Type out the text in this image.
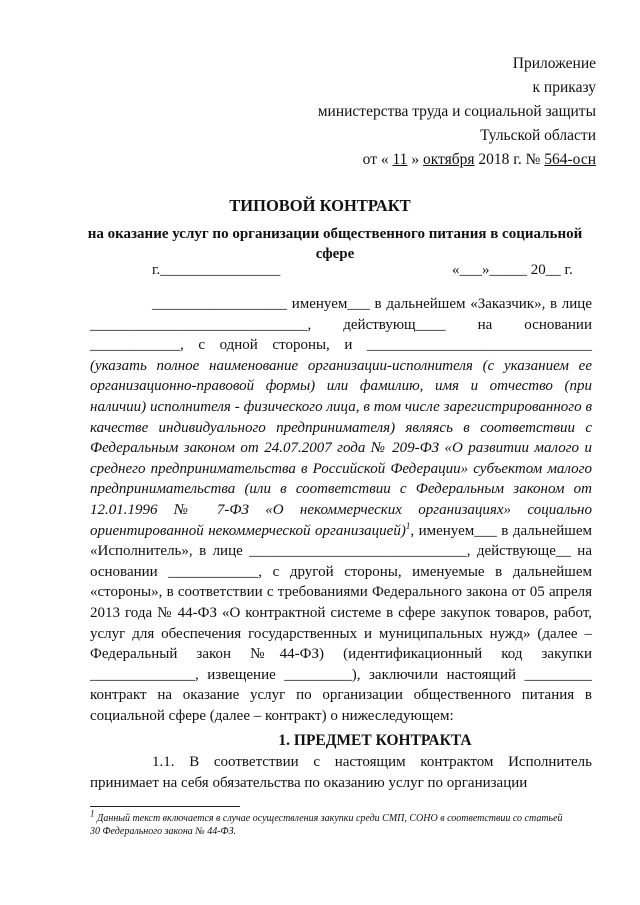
Приложение
к приказу
министерства труда и социальной защиты
Тульской области
от « 11 » октября 2018 г. № 564-осн
ТИПОВОЙ КОНТРАКТ
на оказание услуг по организации общественного питания в социальной сфере
г.________________	«___»_____ 20__ г.

__________________ именуем___ в дальнейшем «Заказчик», в лице _____________________________, действующ____ на основании ____________, с одной стороны, и ______________________________ (указать полное наименование организации-исполнителя (с указанием ее организационно-правовой формы) или фамилию, имя и отчество (при наличии) исполнителя - физического лица, в том числе зарегистрированного в качестве индивидуального предпринимателя) являясь в соответствии с Федеральным законом от 24.07.2007 года № 209-ФЗ «О развитии малого и среднего предпринимательства в Российской Федерации» субъектом малого предпринимательства (или в соответствии с Федеральным законом от 12.01.1996 № 7-ФЗ «О некоммерческих организациях» социально ориентированной некоммерческой организацией)$^1$, именуем___ в дальнейшем «Исполнитель», в лице _____________________________, действующе__ на основании ____________, с другой стороны, именуемые в дальнейшем «стороны», в соответствии с требованиями Федерального закона от 05 апреля 2013 года № 44-ФЗ «О контрактной системе в сфере закупок товаров, работ, услуг для обеспечения государственных и муниципальных нужд» (далее – Федеральный закон №44-ФЗ) (идентификационный код закупки ______________, извещение _________), заключили настоящий _________ контракт на оказание услуг по организации общественного питания в социальной сфере (далее – контракт) о нижеследующем:

1. ПРЕДМЕТ КОНТРАКТА

1.1. В соответствии с настоящим контрактом Исполнитель принимает на себя обязательства по оказанию услуг по организации

$^1$ Данный текст включается в случае осуществления закупки среди СМП, СОНО в соответствии со статьей 30 Федерального закона № 44-ФЗ.
